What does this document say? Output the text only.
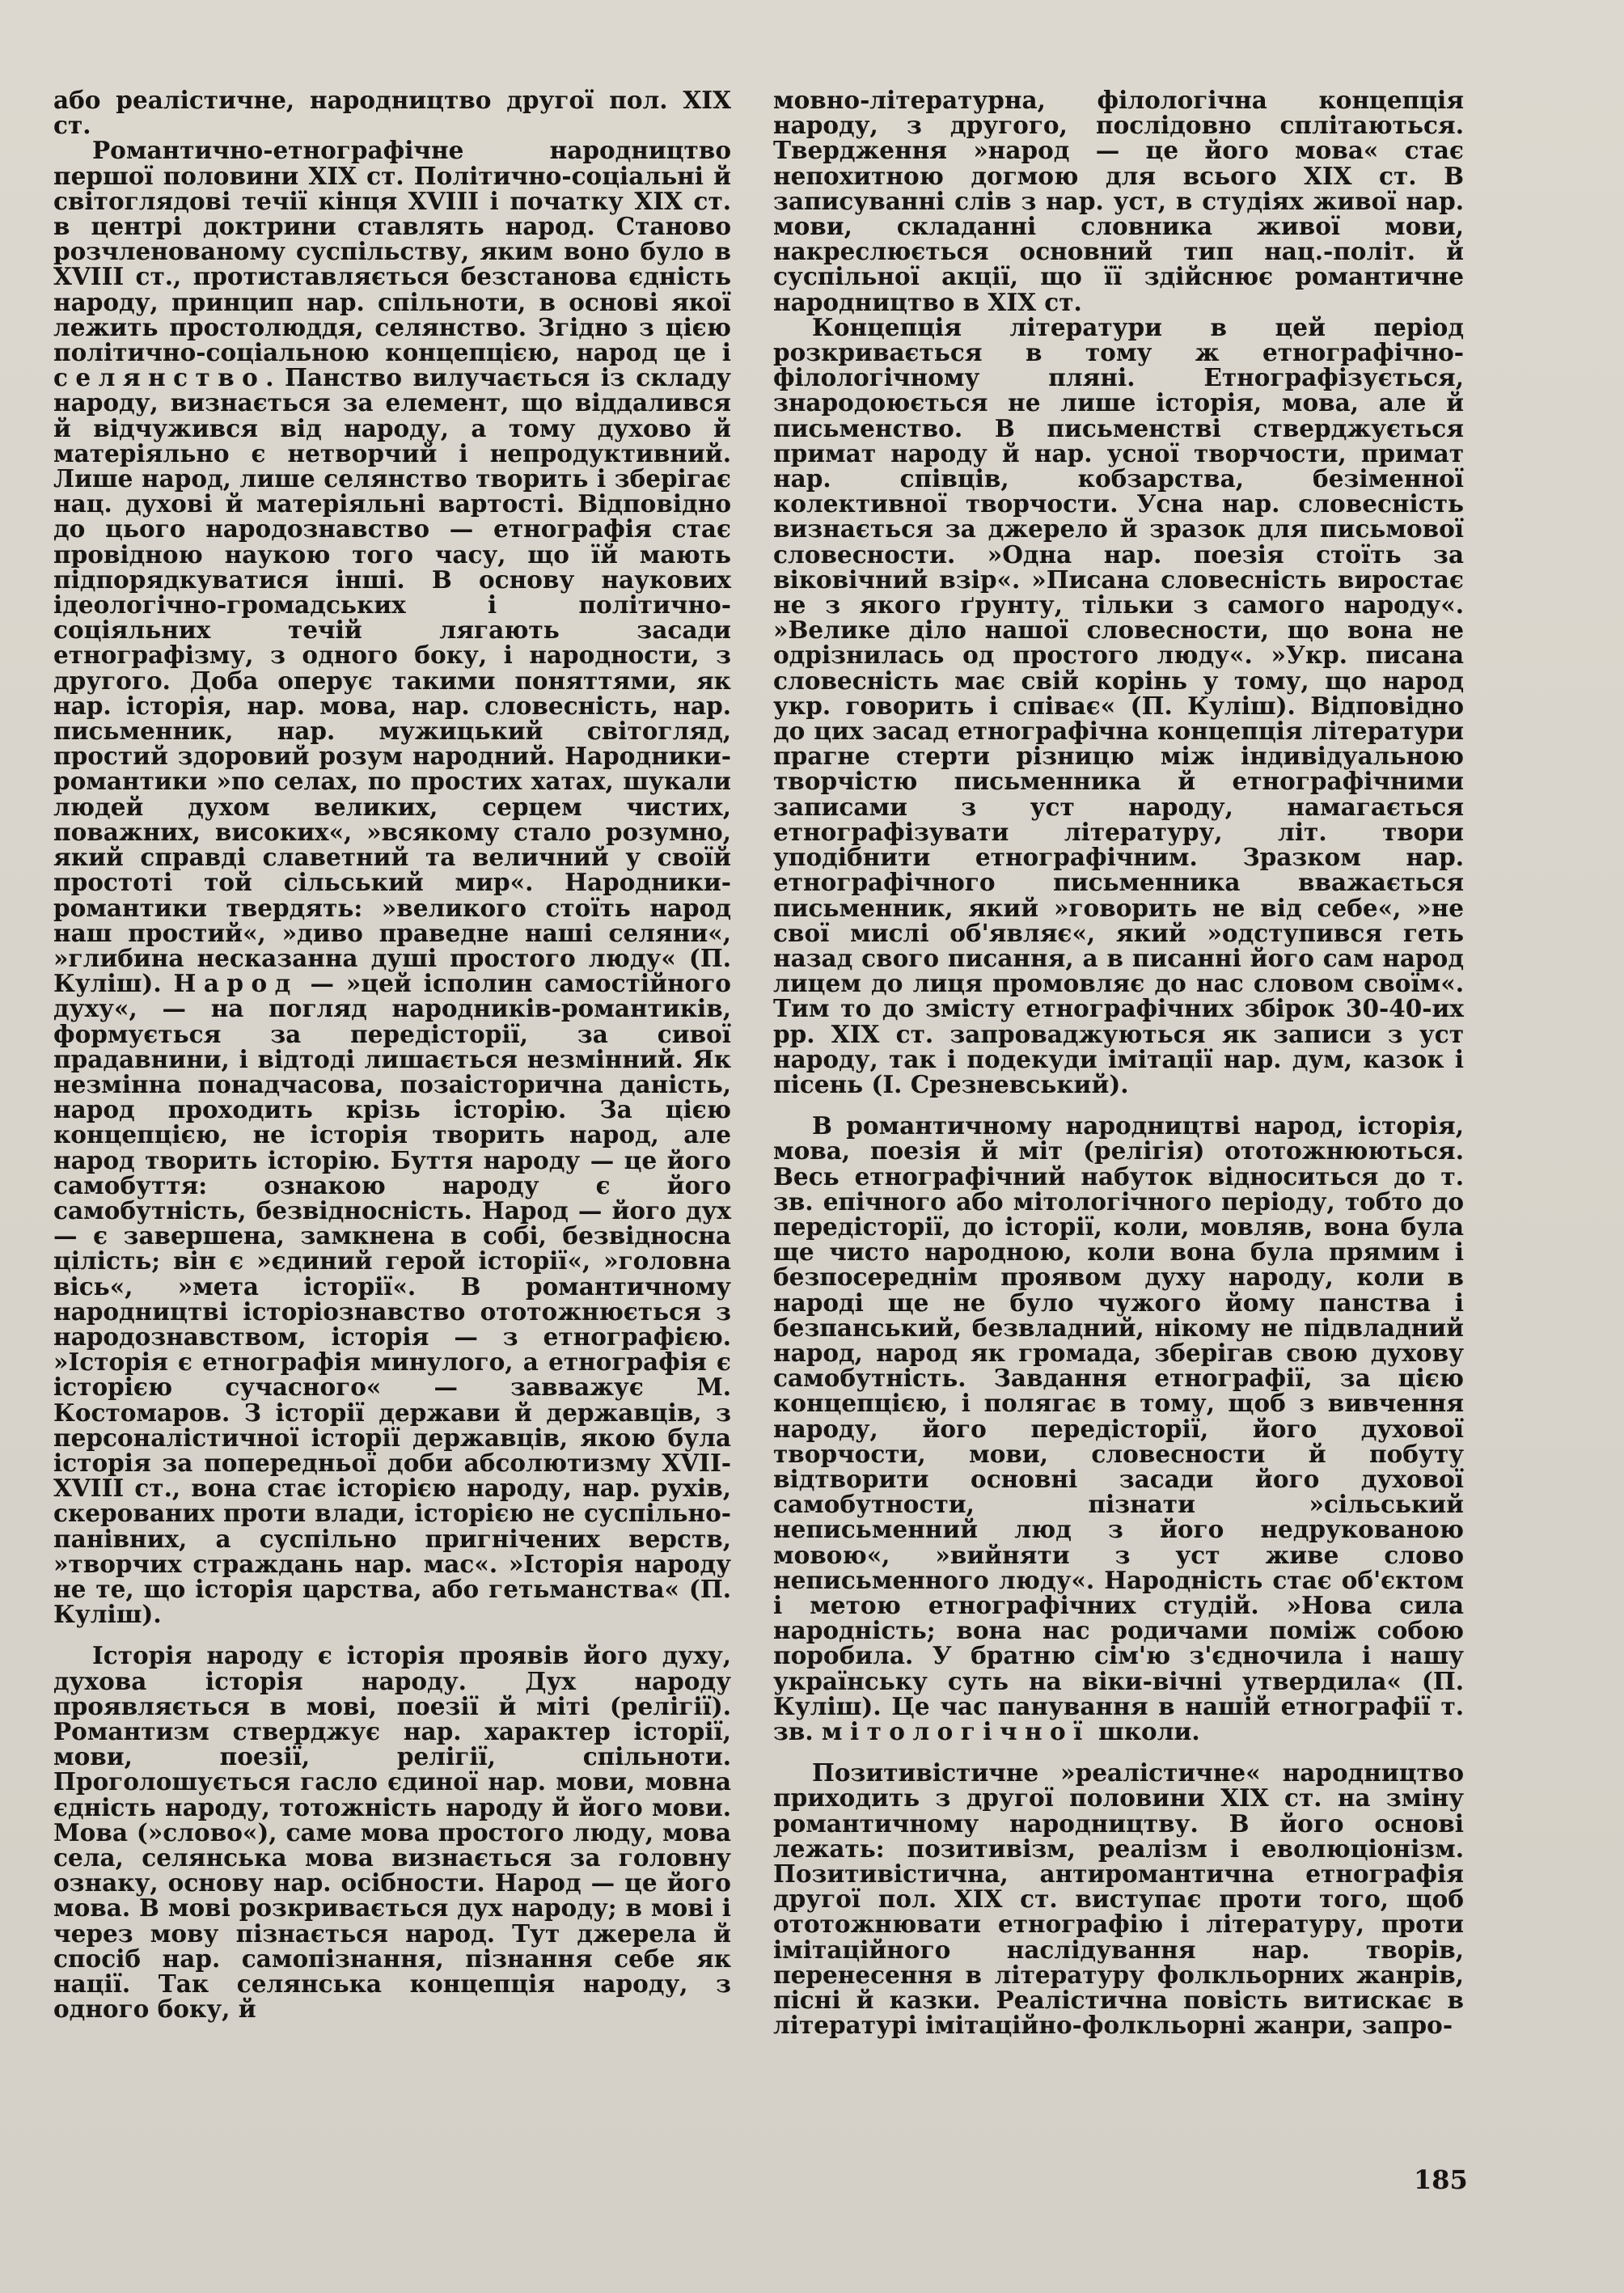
або реалістичне, народництво другої пол. XIX ст.

Романтично-етнографічне народництво першої половини XIX ст. Політично-соціальні й світоглядові течії кінця XVIII і початку XIX ст. в центрі доктрини ставлять народ. Станово розчленованому суспільству, яким воно було в XVIII ст., протиставляється безстанова єдність народу, принцип нар. спільноти, в основі якої лежить простолюддя, селянство. Згідно з цією політично-соціальною концепцією, народ це і селянство. Панство вилучається із складу народу, визнається за елемент, що віддалився й відчужився від народу, а тому духово й матеріяльно є нетворчий і непродуктивний. Лише народ, лише селянство творить і зберігає нац. духові й матеріяльні вартості. Відповідно до цього народознавство — етнографія стає провідною наукою того часу, що їй мають підпорядкуватися інші. В основу наукових ідеологічно-громадських і політично-соціяльних течій лягають засади етнографізму, з одного боку, і народности, з другого. Доба оперує такими поняттями, як нар. історія, нар. мова, нар. словесність, нар. письменник, нар. мужицький світогляд, простий здоровий розум народний. Народники-романтики »по селах, по простих хатах, шукали людей духом великих, серцем чистих, поважних, високих«, »всякому стало розумно, який справді славетний та величний у своїй простоті той сільський мир«. Народники-романтики твердять: »великого стоїть народ наш простий«, »диво праведне наші селяни«, »глибина несказанна душі простого люду« (П. Куліш). Народ — »цей ісполин самостійного духу«, — на погляд народників-романтиків, формується за передісторії, за сивої прадавнини, і відтоді лишається незмінний. Як незмінна понадчасова, позаісторична даність, народ проходить крізь історію. За цією концепцією, не історія творить народ, але народ творить історію. Буття народу — це його самобуття: ознакою народу є його самобутність, безвідносність. Народ — його дух — є завершена, замкнена в собі, безвідносна цілість; він є »єдиний герой історії«, »головна вісь«, »мета історії«. В романтичному народництві історіознавство ототожнюється з народознавством, історія — з етнографією. »Історія є етнографія минулого, а етнографія є історією сучасного« — завважує М. Костомаров. З історії держави й державців, з персоналістичної історії державців, якою була історія за попередньої доби абсолютизму XVII-XVIII ст., вона стає історією народу, нар. рухів, скерованих проти влади, історією не суспільно-панівних, а суспільно пригнічених верств, »творчих страждань нар. мас«. »Історія народу не те, що історія царства, або гетьманства« (П. Куліш).

Історія народу є історія проявів його духу, духова історія народу. Дух народу проявляється в мові, поезії й міті (релігії). Романтизм стверджує нар. характер історії, мови, поезії, релігії, спільноти. Проголошується гасло єдиної нар. мови, мовна єдність народу, тотожність народу й його мови. Мова (»слово«), саме мова простого люду, мова села, селянська мова визнається за головну ознаку, основу нар. осібности. Народ — це його мова. В мові розкривається дух народу; в мові і через мову пізнається народ. Тут джерела й спосіб нар. самопізнання, пізнання себе як нації. Так селянська концепція народу, з одного боку, й

мовно-літературна, філологічна концепція народу, з другого, послідовно сплітаються. Твердження »народ — це його мова« стає непохитною догмою для всього XIX ст. В записуванні слів з нар. уст, в студіях живої нар. мови, складанні словника живої мови, накреслюється основний тип нац.-політ. й суспільної акції, що її здійснює романтичне народництво в XIX ст.

Концепція літератури в цей період розкривається в тому ж етнографічно-філологічному пляні. Етнографізується, знародоюється не лише історія, мова, але й письменство. В письменстві стверджується примат народу й нар. усної творчости, примат нар. співців, кобзарства, безіменної колективної творчости. Усна нар. словесність визнається за джерело й зразок для письмової словесности. »Одна нар. поезія стоїть за віковічний взір«. »Писана словесність виростає не з якого ґрунту, тільки з самого народу«. »Велике діло нашої словесности, що вона не одрізнилась од простого люду«. »Укр. писана словесність має свій корінь у тому, що народ укр. говорить і співає« (П. Куліш). Відповідно до цих засад етнографічна концепція літератури прагне стерти різницю між індивідуальною творчістю письменника й етнографічними записами з уст народу, намагається етнографізувати літературу, літ. твори уподібнити етнографічним. Зразком нар. етнографічного письменника вважається письменник, який »говорить не від себе«, »не свої мислі об'являє«, який »одступився геть назад свого писання, а в писанні його сам народ лицем до лиця промовляє до нас словом своїм«. Тим то до змісту етнографічних збірок 30-40-их рр. XIX ст. запроваджуються як записи з уст народу, так і подекуди імітації нар. дум, казок і пісень (І. Срезневський).

В романтичному народництві народ, історія, мова, поезія й міт (релігія) ототожнюються. Весь етнографічний набуток відноситься до т. зв. епічного або мітологічного періоду, тобто до передісторії, до історії, коли, мовляв, вона була ще чисто народною, коли вона була прямим і безпосереднім проявом духу народу, коли в народі ще не було чужого йому панства і безпанський, безвладний, нікому не підвладний народ, народ як громада, зберігав свою духову самобутність. Завдання етнографії, за цією концепцією, і полягає в тому, щоб з вивчення народу, його передісторії, його духової творчости, мови, словесности й побуту відтворити основні засади його духової самобутности, пізнати »сільський неписьменний люд з його недрукованою мовою«, »вийняти з уст живе слово неписьменного люду«. Народність стає об'єктом і метою етнографічних студій. »Нова сила народність; вона нас родичами поміж собою поробила. У братню сім'ю з'єдночила і нашу українську суть на віки-вічні утвердила« (П. Куліш). Це час панування в нашій етнографії т. зв. мітологічної школи.

Позитивістичне »реалістичне« народництво приходить з другої половини XIX ст. на зміну романтичному народництву. В його основі лежать: позитивізм, реалізм і еволюціонізм. Позитивістична, антиромантична етнографія другої пол. XIX ст. виступає проти того, щоб ототожнювати етнографію і літературу, проти імітаційного наслідування нар. творів, перенесення в літературу фолкльорних жанрів, пісні й казки. Реалістична повість витискає в літературі імітаційно-фолкльорні жанри, запро-

185
